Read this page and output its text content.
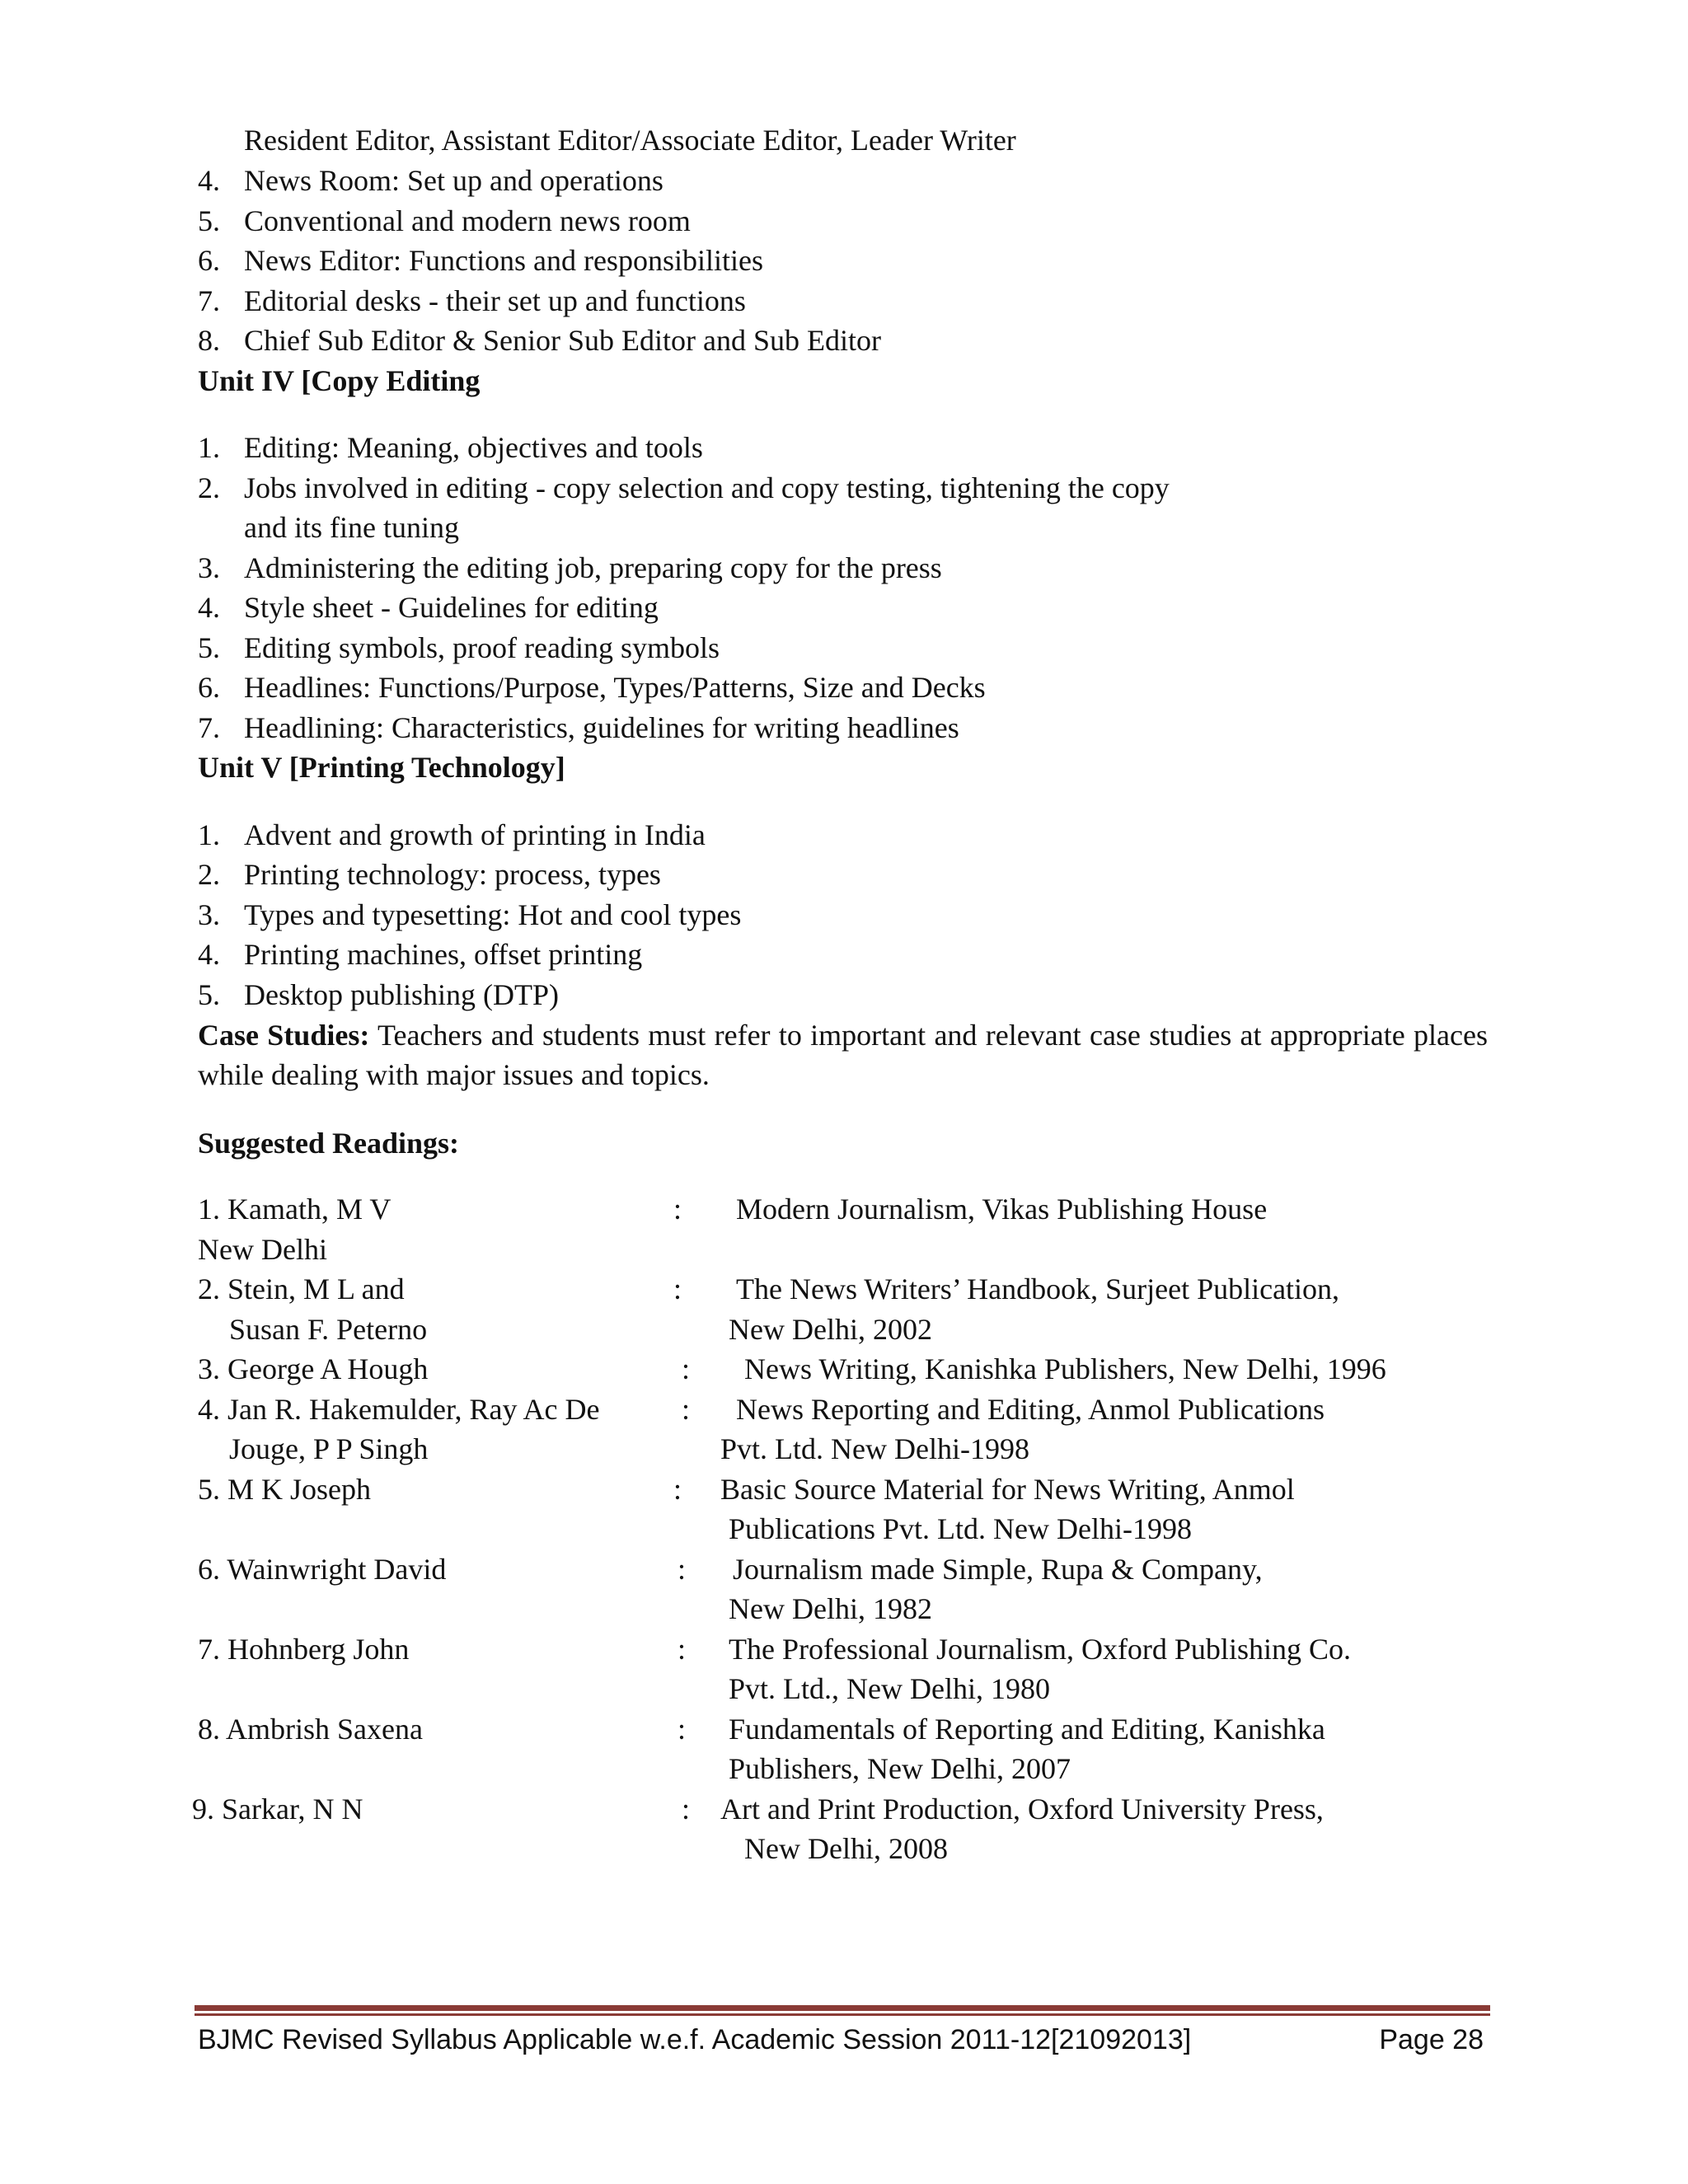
Resident Editor, Assistant Editor/Associate Editor, Leader Writer
4. News Room: Set up and operations
5. Conventional and modern news room
6. News Editor: Functions and responsibilities
7. Editorial desks - their set up and functions
8. Chief Sub Editor & Senior Sub Editor and Sub Editor
Unit IV [Copy Editing
1. Editing: Meaning, objectives and tools
2. Jobs involved in editing - copy selection and copy testing, tightening the copy
and its fine tuning
3. Administering the editing job, preparing copy for the press
4. Style sheet - Guidelines for editing
5. Editing symbols, proof reading symbols
6. Headlines: Functions/Purpose, Types/Patterns, Size and Decks
7. Headlining: Characteristics, guidelines for writing headlines
Unit V [Printing Technology]
1. Advent and growth of printing in India
2. Printing technology: process, types
3. Types and typesetting: Hot and cool types
4. Printing machines, offset printing
5. Desktop publishing (DTP)
Case Studies: Teachers and students must refer to important and relevant case studies at appropriate places while dealing with major issues and topics.
Suggested Readings:
1. Kamath, M V	: Modern Journalism, Vikas Publishing House
New Delhi
2. Stein, M L and	: The News Writers’ Handbook, Surjeet Publication,
Susan F. Peterno	New Delhi, 2002
3. George A Hough	: News Writing, Kanishka Publishers, New Delhi, 1996
4. Jan R. Hakemulder, Ray Ac De	: News Reporting and Editing, Anmol Publications
Jouge, P P Singh	Pvt. Ltd. New Delhi-1998
5. M K Joseph	: Basic Source Material for News Writing, Anmol
Publications Pvt. Ltd. New Delhi-1998
6. Wainwright David	: Journalism made Simple, Rupa & Company,
New Delhi, 1982
7. Hohnberg John	: The Professional Journalism, Oxford Publishing Co.
Pvt. Ltd., New Delhi, 1980
8. Ambrish Saxena	: Fundamentals of Reporting and Editing, Kanishka
Publishers, New Delhi, 2007
9. Sarkar, N N	: Art and Print Production, Oxford University Press,
New Delhi, 2008
BJMC Revised Syllabus Applicable w.e.f. Academic Session 2011-12[21092013]	Page 28
